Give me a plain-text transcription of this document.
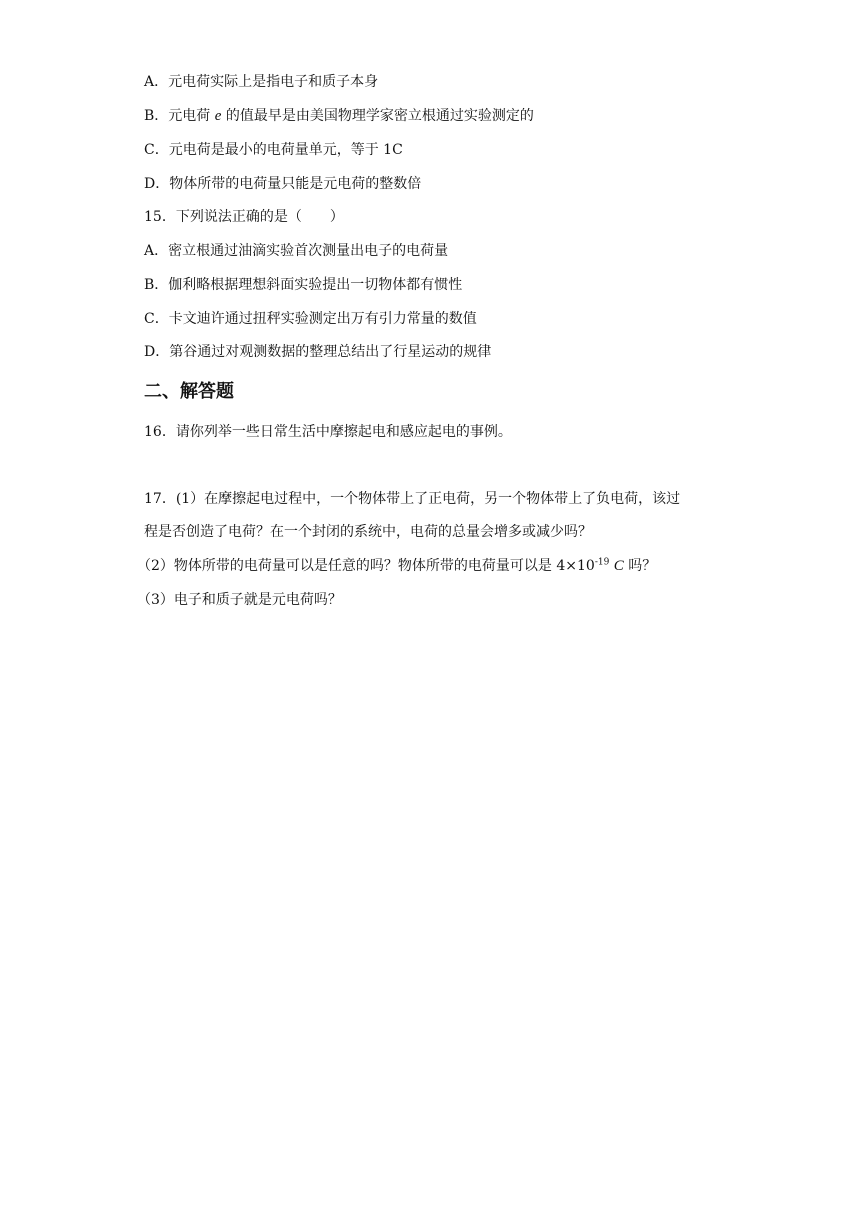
A．元电荷实际上是指电子和质子本身
B．元电荷 e 的值最早是由美国物理学家密立根通过实验测定的
C．元电荷是最小的电荷量单元，等于 1C
D．物体所带的电荷量只能是元电荷的整数倍
15．下列说法正确的是（　　）
A．密立根通过油滴实验首次测量出电子的电荷量
B．伽利略根据理想斜面实验提出一切物体都有惯性
C．卡文迪许通过扭秤实验测定出万有引力常量的数值
D．第谷通过对观测数据的整理总结出了行星运动的规律
二、解答题
16．请你列举一些日常生活中摩擦起电和感应起电的事例。
17．(1）在摩擦起电过程中，一个物体带上了正电荷，另一个物体带上了负电荷，该过
程是否创造了电荷？在一个封闭的系统中，电荷的总量会增多或减少吗？
（2）物体所带的电荷量可以是任意的吗？物体所带的电荷量可以是 $4\times 10^{-19}$ C 吗？
（3）电子和质子就是元电荷吗？
